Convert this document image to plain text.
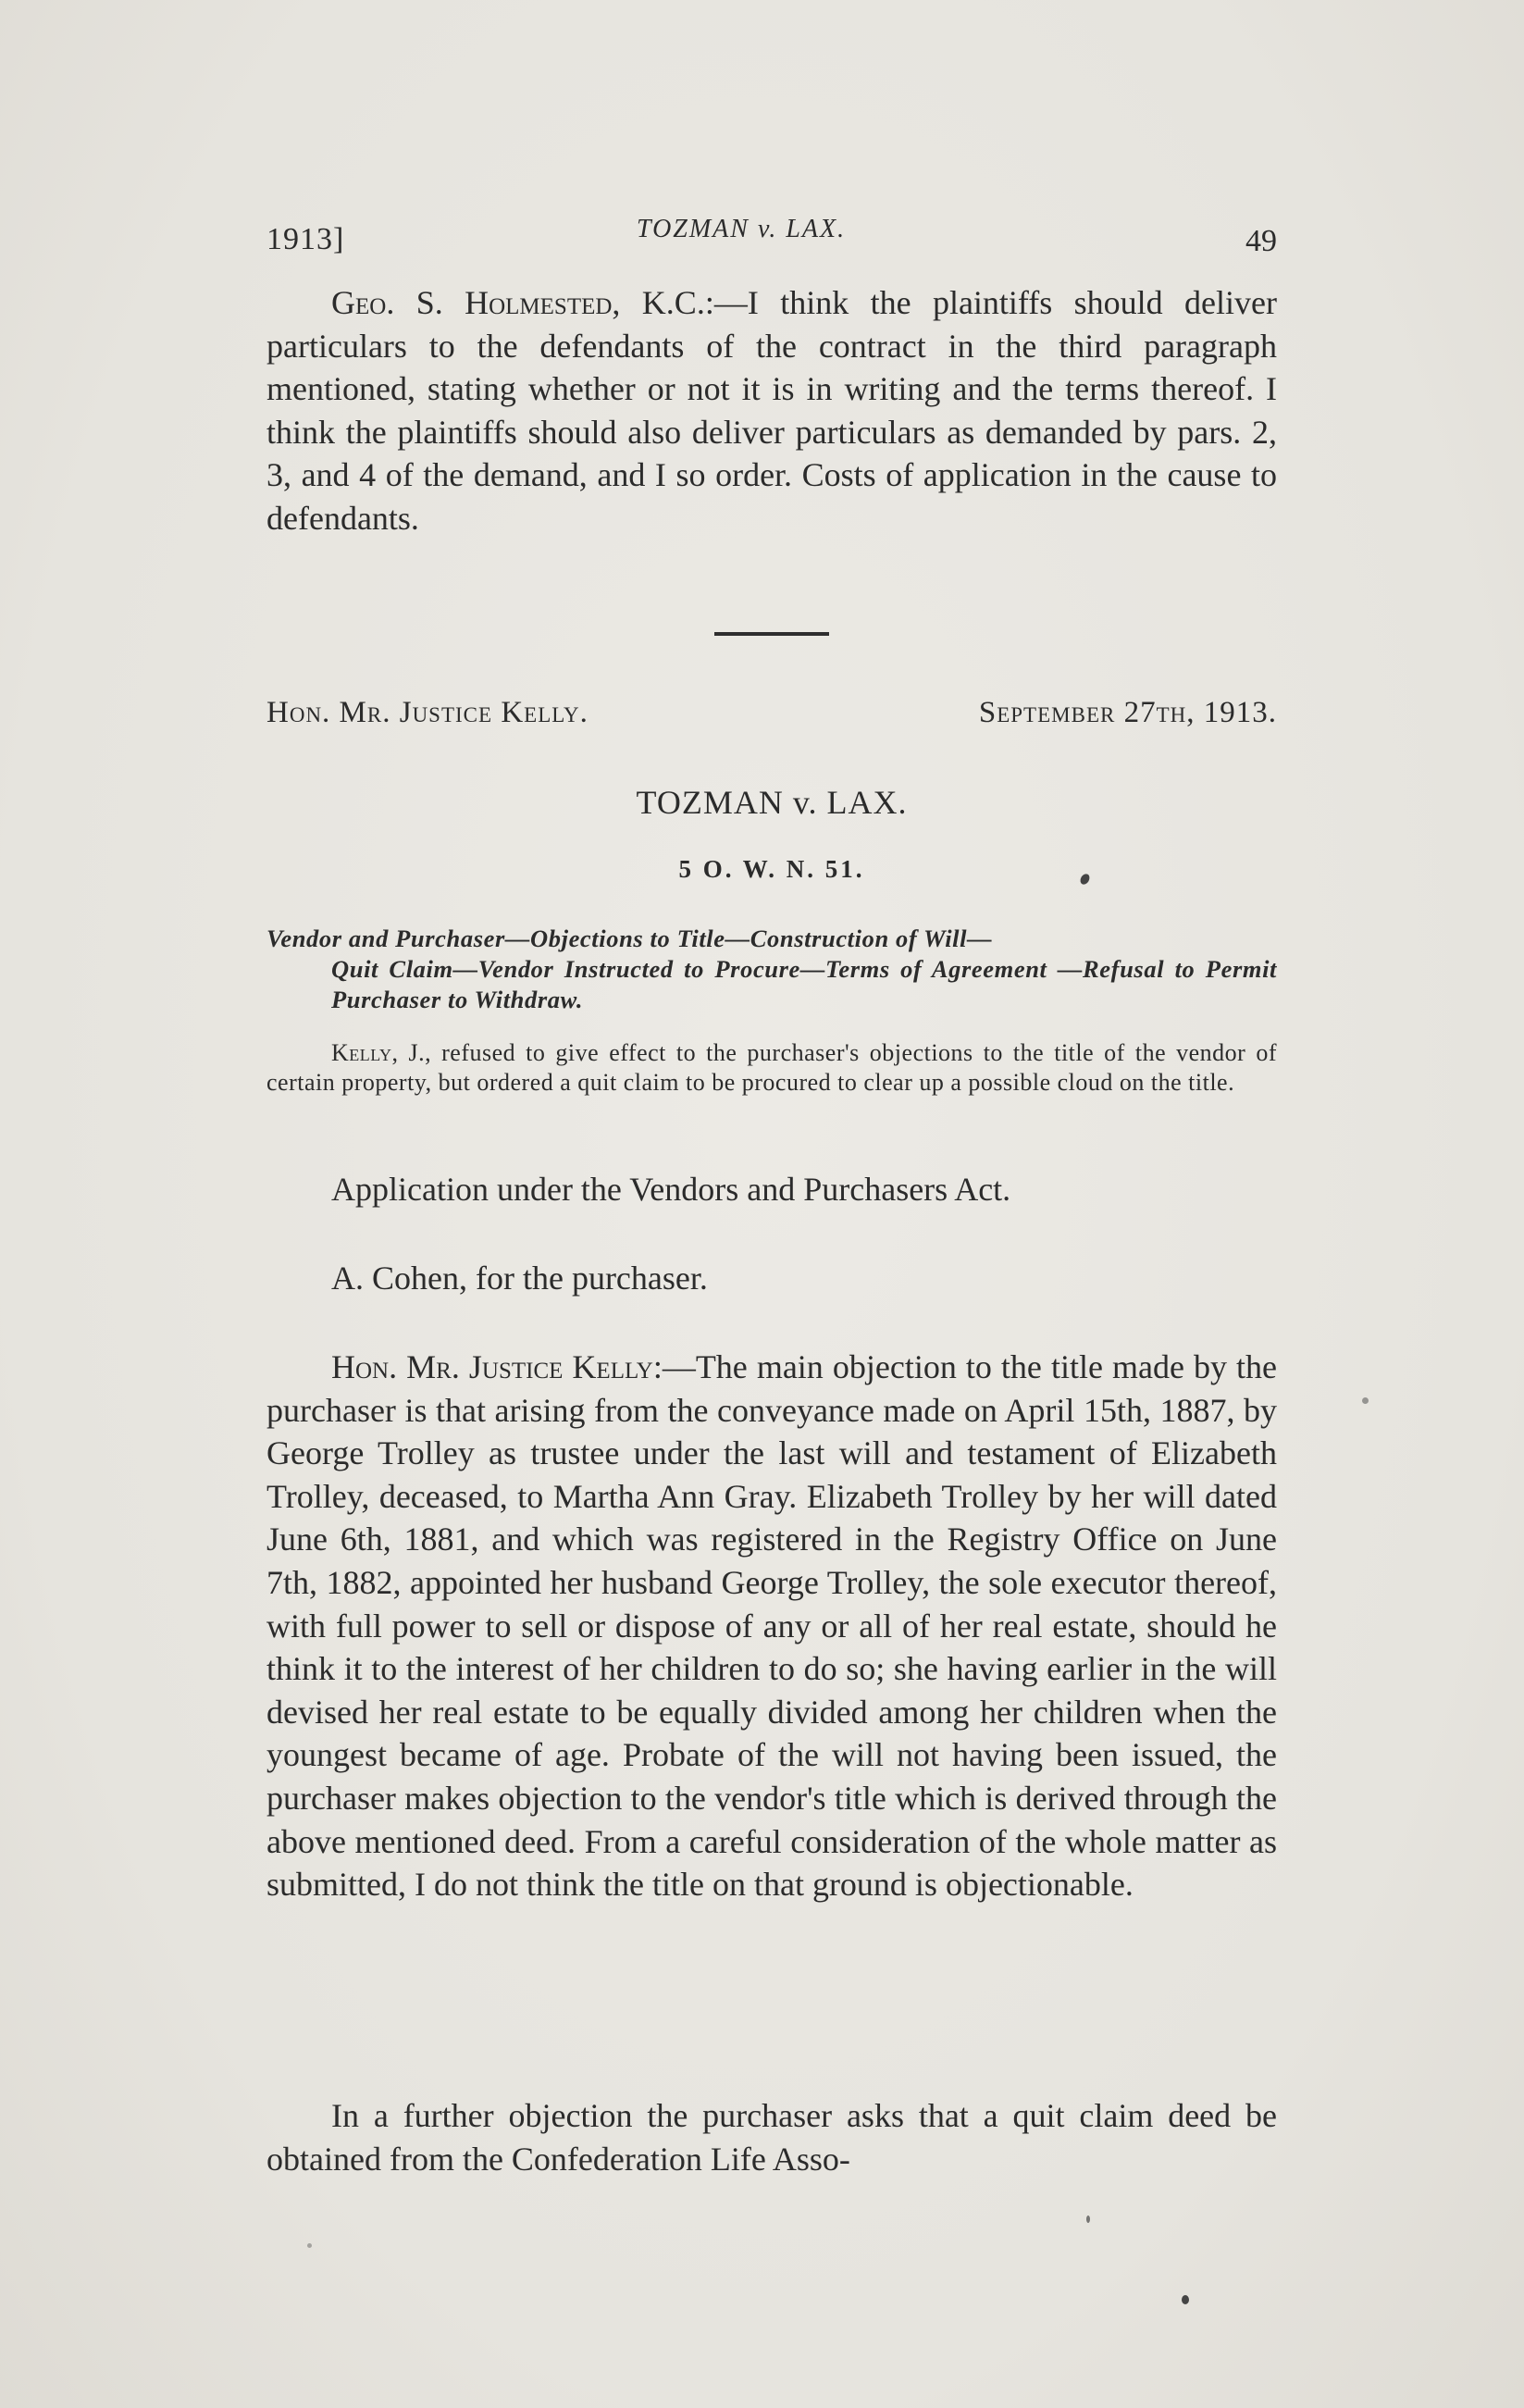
1913]	TOZMAN v. LAX.	49

Geo. S. Holmested, K.C.:—I think the plaintiffs should deliver particulars to the defendants of the contract in the third paragraph mentioned, stating whether or not it is in writing and the terms thereof. I think the plaintiffs should also deliver particulars as demanded by pars. 2, 3, and 4 of the demand, and I so order. Costs of application in the cause to defendants.

Hon. Mr. Justice Kelly.	September 27th, 1913.
TOZMAN v. LAX.
5 O. W. N. 51.
Vendor and Purchaser—Objections to Title—Construction of Will—
Quit Claim—Vendor Instructed to Procure—Terms of Agreement —Refusal to Permit Purchaser to Withdraw.

Kelly, J., refused to give effect to the purchaser's objections to the title of the vendor of certain property, but ordered a quit claim to be procured to clear up a possible cloud on the title.

Application under the Vendors and Purchasers Act.

A. Cohen, for the purchaser.

Hon. Mr. Justice Kelly:—The main objection to the title made by the purchaser is that arising from the conveyance made on April 15th, 1887, by George Trolley as trustee under the last will and testament of Elizabeth Trolley, deceased, to Martha Ann Gray. Elizabeth Trolley by her will dated June 6th, 1881, and which was registered in the Registry Office on June 7th, 1882, appointed her husband George Trolley, the sole executor thereof, with full power to sell or dispose of any or all of her real estate, should he think it to the interest of her children to do so; she having earlier in the will devised her real estate to be equally divided among her children when the youngest became of age. Probate of the will not having been issued, the purchaser makes objection to the vendor's title which is derived through the above mentioned deed. From a careful consideration of the whole matter as submitted, I do not think the title on that ground is objectionable.

In a further objection the purchaser asks that a quit claim deed be obtained from the Confederation Life Asso-
